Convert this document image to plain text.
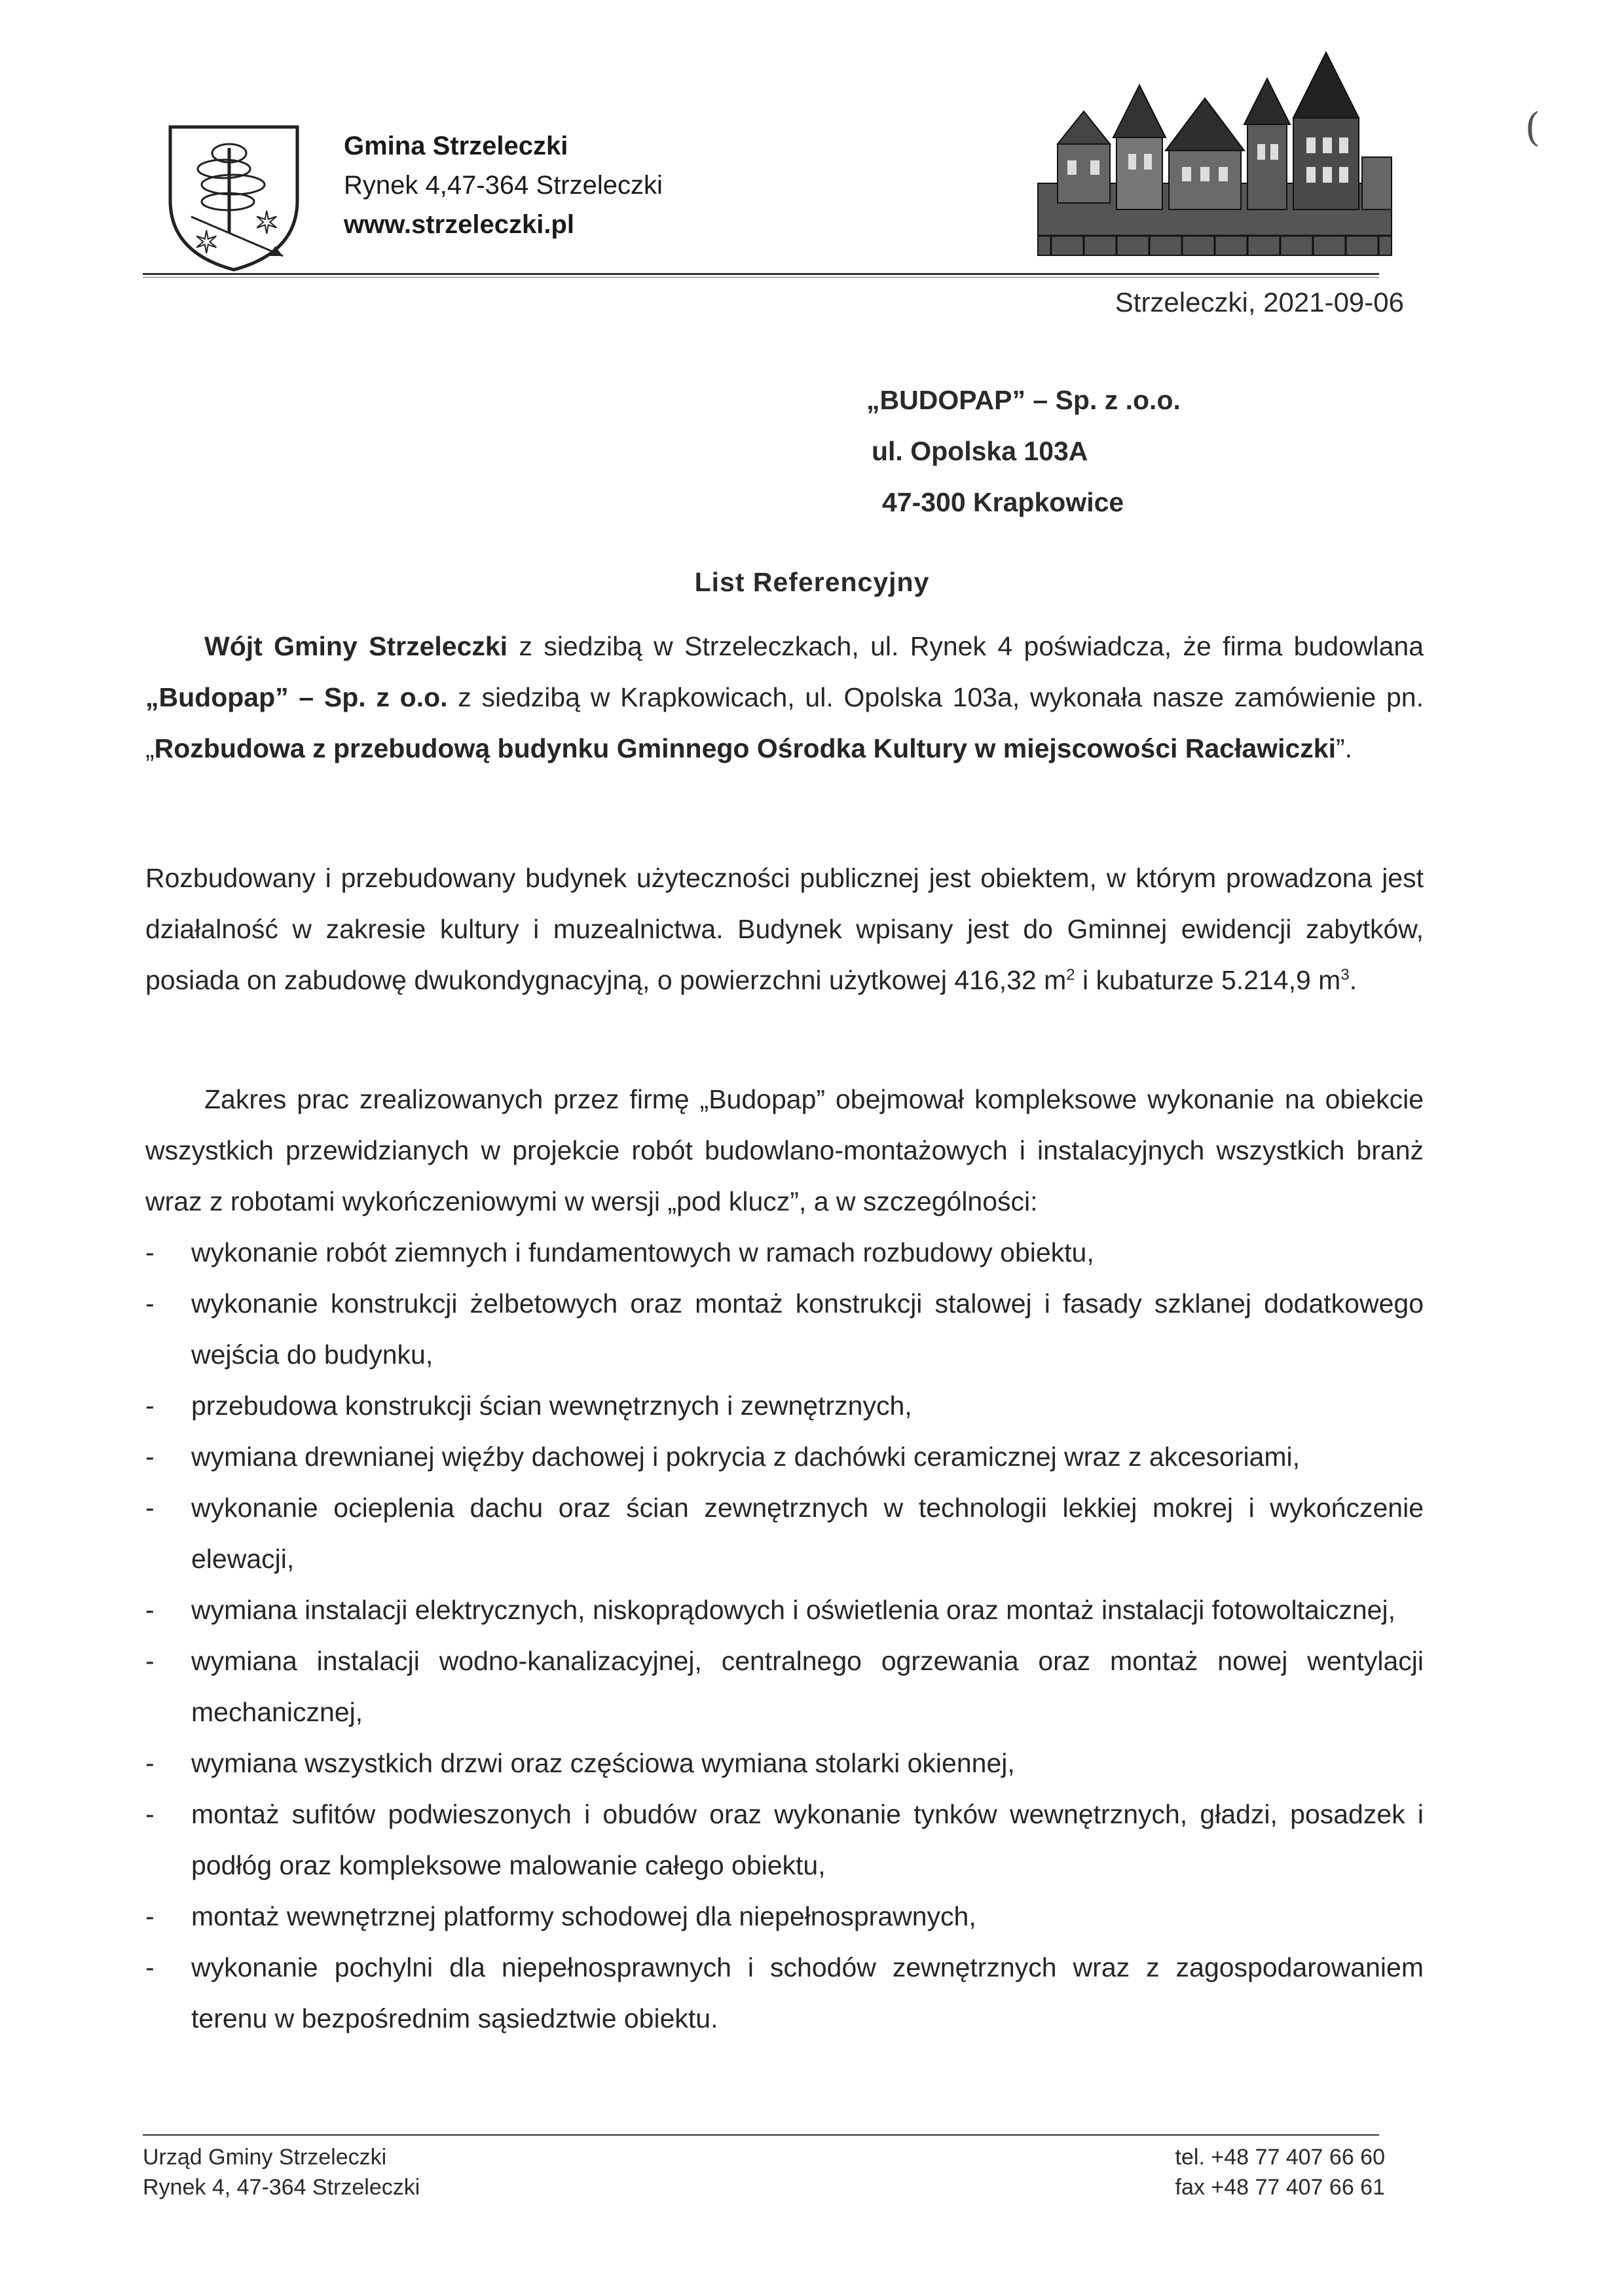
✶
✶
Gmina Strzeleczki
Rynek 4,47-364 Strzeleczki
www.strzeleczki.pl
(
Strzeleczki, 2021-09-06
„BUDOPAP” – Sp. z .o.o.
ul. Opolska 103A
47-300 Krapkowice
List Referencyjny

Wójt Gminy Strzeleczki z siedzibą w Strzeleczkach, ul. Rynek 4 poświadcza, że firma budowlana „Budopap” – Sp. z o.o. z siedzibą w Krapkowicach, ul. Opolska 103a, wykonała nasze zamówienie pn. „Rozbudowa z przebudową budynku Gminnego Ośrodka Kultury w miejscowości Racławiczki”.

Rozbudowany i przebudowany budynek użyteczności publicznej jest obiektem, w którym prowadzona jest działalność w zakresie kultury i muzealnictwa. Budynek wpisany jest do Gminnej ewidencji zabytków, posiada on zabudowę dwukondygnacyjną, o powierzchni użytkowej 416,32 $m^2$ i kubaturze 5.214,9 $m^3$.

Zakres prac zrealizowanych przez firmę „Budopap” obejmował kompleksowe wykonanie na obiekcie wszystkich przewidzianych w projekcie robót budowlano-montażowych i instalacyjnych wszystkich branż wraz z robotami wykończeniowymi w wersji „pod klucz”, a w szczególności:

-	wykonanie robót ziemnych i fundamentowych w ramach rozbudowy obiektu,
-	wykonanie konstrukcji żelbetowych oraz montaż konstrukcji stalowej i fasady szklanej dodatkowego wejścia do budynku,
-	przebudowa konstrukcji ścian wewnętrznych i zewnętrznych,
-	wymiana drewnianej więźby dachowej i pokrycia z dachówki ceramicznej wraz z akcesoriami,
-	wykonanie ocieplenia dachu oraz ścian zewnętrznych w technologii lekkiej mokrej i wykończenie elewacji,
-	wymiana instalacji elektrycznych, niskoprądowych i oświetlenia oraz montaż instalacji fotowoltaicznej,
-	wymiana instalacji wodno-kanalizacyjnej, centralnego ogrzewania oraz montaż nowej wentylacji mechanicznej,
-	wymiana wszystkich drzwi oraz częściowa wymiana stolarki okiennej,
-	montaż sufitów podwieszonych i obudów oraz wykonanie tynków wewnętrznych, gładzi, posadzek i podłóg oraz kompleksowe malowanie całego obiektu,
-	montaż wewnętrznej platformy schodowej dla niepełnosprawnych,
-	wykonanie pochylni dla niepełnosprawnych i schodów zewnętrznych wraz z zagospodarowaniem terenu w bezpośrednim sąsiedztwie obiektu.
Urząd Gminy Strzeleczki
Rynek 4, 47-364 Strzeleczki
tel. +48 77 407 66 60
fax +48 77 407 66 61
